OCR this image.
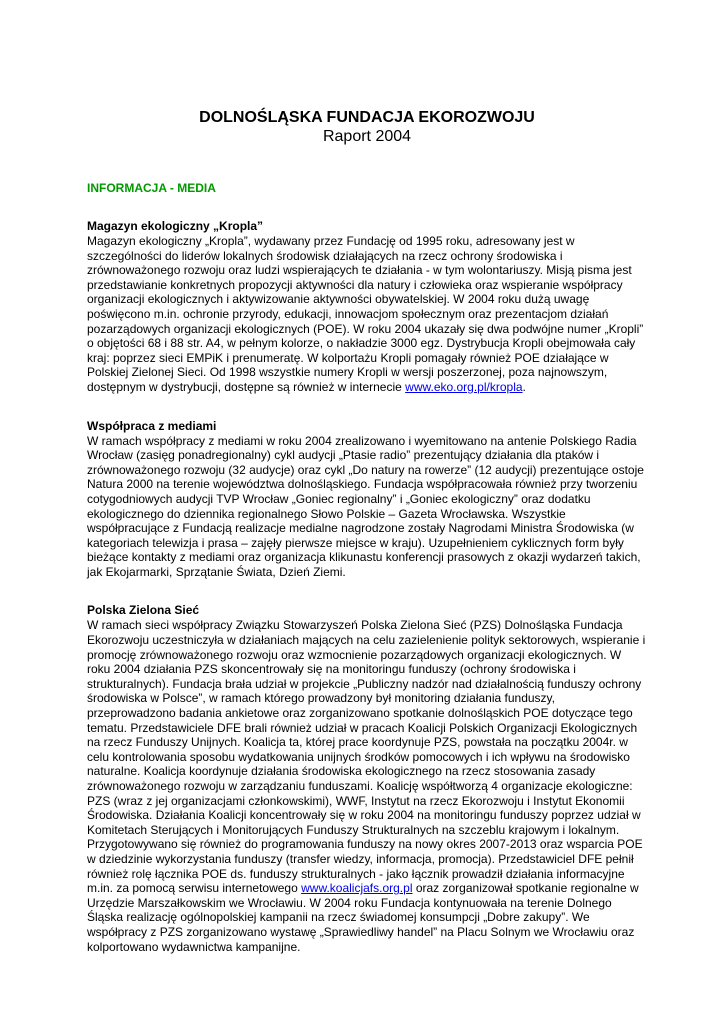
DOLNOŚLĄSKA FUNDACJA EKOROZWOJU
Raport 2004
INFORMACJA - MEDIA
Magazyn ekologiczny „Kropla”
Magazyn ekologiczny „Kropla”, wydawany przez Fundację od 1995 roku, adresowany jest w szczególności do liderów lokalnych środowisk działających na rzecz ochrony środowiska i zrównoważonego rozwoju oraz ludzi wspierających te działania - w tym wolontariuszy. Misją pisma jest przedstawianie konkretnych propozycji aktywności dla natury i człowieka oraz wspieranie współpracy organizacji ekologicznych i aktywizowanie aktywności obywatelskiej. W 2004 roku dużą uwagę poświęcono m.in. ochronie przyrody, edukacji, innowacjom społecznym oraz prezentacjom działań pozarządowych organizacji ekologicznych (POE). W roku 2004 ukazały się dwa podwójne numer „Kropli” o objętości 68 i 88 str. A4, w pełnym kolorze, o nakładzie 3000 egz. Dystrybucja Kropli obejmowała cały kraj: poprzez sieci EMPiK i prenumeratę. W kolportażu Kropli pomagały również POE działające w Polskiej Zielonej Sieci. Od 1998 wszystkie numery Kropli w wersji poszerzonej, poza najnowszym, dostępnym w dystrybucji, dostępne są również w internecie www.eko.org.pl/kropla.
Współpraca z mediami
W ramach współpracy z mediami w roku 2004 zrealizowano i wyemitowano na antenie Polskiego Radia Wrocław (zasięg ponadregionalny) cykl audycji „Ptasie radio” prezentujący działania dla ptaków i zrównoważonego rozwoju (32 audycje) oraz cykl „Do natury na rowerze” (12 audycji) prezentujące ostoje Natura 2000 na terenie województwa dolnośląskiego. Fundacja współpracowała również przy tworzeniu cotygodniowych audycji TVP Wrocław „Goniec regionalny” i „Goniec ekologiczny” oraz dodatku ekologicznego do dziennika regionalnego Słowo Polskie – Gazeta Wrocławska. Wszystkie współpracujące z Fundacją realizacje medialne nagrodzone zostały Nagrodami Ministra Środowiska (w kategoriach telewizja i prasa – zajęły pierwsze miejsce w kraju). Uzupełnieniem cyklicznych form były bieżące kontakty z mediami oraz organizacja klikunastu konferencji prasowych z okazji wydarzeń takich, jak Ekojarmarki, Sprzątanie Świata, Dzień Ziemi.
Polska Zielona Sieć
W ramach sieci współpracy Związku Stowarzyszeń Polska Zielona Sieć (PZS) Dolnośląska Fundacja Ekorozwoju uczestniczyła w działaniach mających na celu zazielenienie polityk sektorowych, wspieranie i promocję zrównoważonego rozwoju oraz wzmocnienie pozarządowych organizacji ekologicznych. W roku 2004 działania PZS skoncentrowały się na monitoringu funduszy (ochrony środowiska i strukturalnych). Fundacja brała udział w projekcie „Publiczny nadzór nad działalnością funduszy ochrony środowiska w Polsce”, w ramach którego prowadzony był monitoring działania funduszy, przeprowadzono badania ankietowe oraz zorganizowano spotkanie dolnośląskich POE dotyczące tego tematu. Przedstawiciele DFE brali również udział w pracach Koalicji Polskich Organizacji Ekologicznych na rzecz Funduszy Unijnych. Koalicja ta, której prace koordynuje PZS, powstała na początku 2004r. w celu kontrolowania sposobu wydatkowania unijnych środków pomocowych i ich wpływu na środowisko naturalne. Koalicja koordynuje działania środowiska ekologicznego na rzecz stosowania zasady zrównoważonego rozwoju w zarządzaniu funduszami. Koalicję współtworzą 4 organizacje ekologiczne: PZS (wraz z jej organizacjami członkowskimi), WWF, Instytut na rzecz Ekorozwoju i Instytut Ekonomii Środowiska. Działania Koalicji koncentrowały się w roku 2004 na monitoringu funduszy poprzez udział w Komitetach Sterujących i Monitorujących Funduszy Strukturalnych na szczeblu krajowym i lokalnym. Przygotowywano się również do programowania funduszy na nowy okres 2007-2013 oraz wsparcia POE w dziedzinie wykorzystania funduszy (transfer wiedzy, informacja, promocja). Przedstawiciel DFE pełnił również rolę łącznika POE ds. funduszy strukturalnych - jako łącznik prowadził działania informacyjne m.in. za pomocą serwisu internetowego www.koalicjafs.org.pl oraz zorganizował spotkanie regionalne w Urzędzie Marszałkowskim we Wrocławiu. W 2004 roku Fundacja kontynuowała na terenie Dolnego Śląska realizację ogólnopolskiej kampanii na rzecz świadomej konsumpcji „Dobre zakupy”. We współpracy z PZS zorganizowano wystawę „Sprawiedliwy handel” na Placu Solnym we Wrocławiu oraz kolportowano wydawnictwa kampanijne.
